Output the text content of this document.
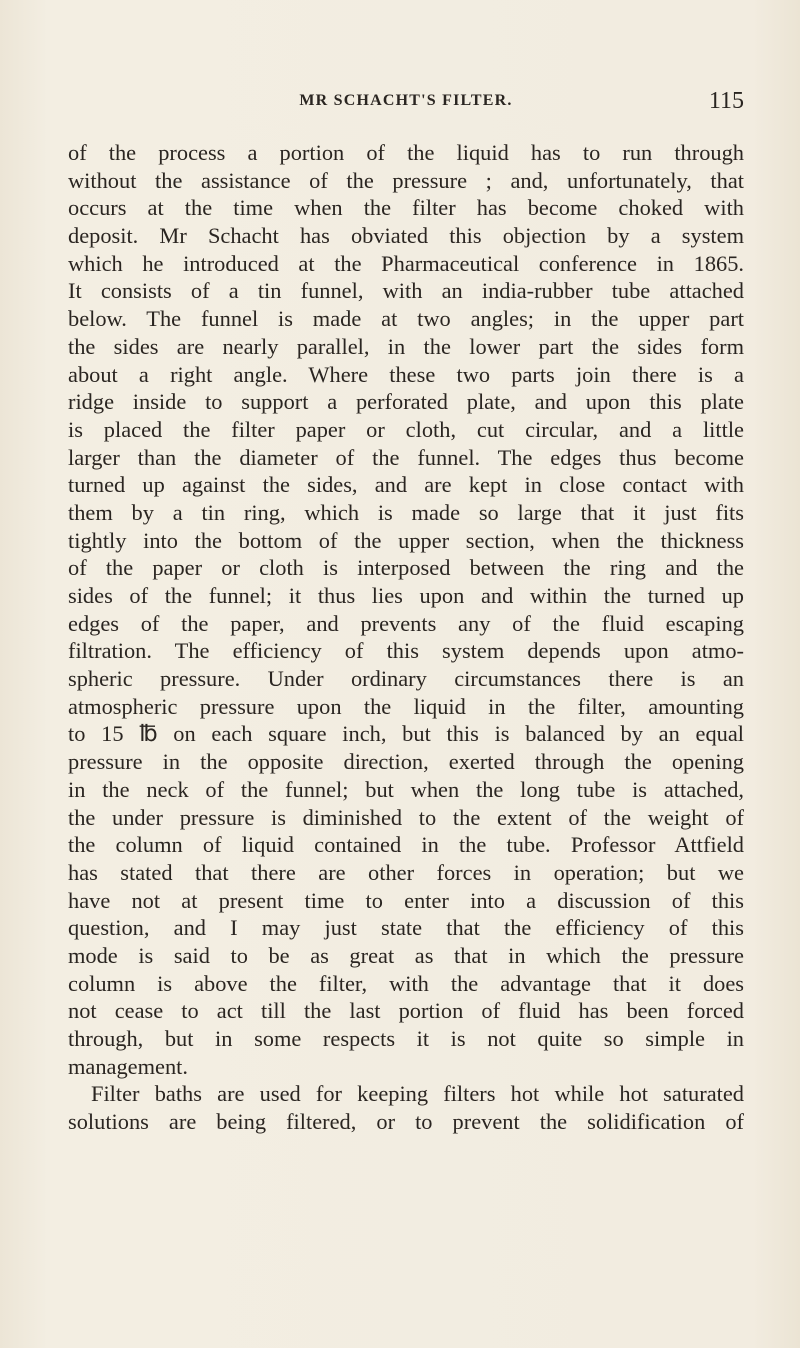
MR SCHACHT'S FILTER.	115
of the process a portion of the liquid has to run through
without the assistance of the pressure ; and, unfortunately, that
occurs at the time when the filter has become choked with
deposit. Mr Schacht has obviated this objection by a system
which he introduced at the Pharmaceutical conference in 1865.
It consists of a tin funnel, with an india-rubber tube attached
below. The funnel is made at two angles; in the upper part
the sides are nearly parallel, in the lower part the sides form
about a right angle. Where these two parts join there is a
ridge inside to support a perforated plate, and upon this plate
is placed the filter paper or cloth, cut circular, and a little
larger than the diameter of the funnel. The edges thus become
turned up against the sides, and are kept in close contact with
them by a tin ring, which is made so large that it just fits
tightly into the bottom of the upper section, when the thickness
of the paper or cloth is interposed between the ring and the
sides of the funnel; it thus lies upon and within the turned up
edges of the paper, and prevents any of the fluid escaping
filtration. The efficiency of this system depends upon atmo-
spheric pressure. Under ordinary circumstances there is an
atmospheric pressure upon the liquid in the filter, amounting
to 15 ℔ on each square inch, but this is balanced by an equal
pressure in the opposite direction, exerted through the opening
in the neck of the funnel; but when the long tube is attached,
the under pressure is diminished to the extent of the weight of
the column of liquid contained in the tube. Professor Attfield
has stated that there are other forces in operation; but we
have not at present time to enter into a discussion of this
question, and I may just state that the efficiency of this
mode is said to be as great as that in which the pressure
column is above the filter, with the advantage that it does
not cease to act till the last portion of fluid has been forced
through, but in some respects it is not quite so simple in
management.
Filter baths are used for keeping filters hot while hot saturated
solutions are being filtered, or to prevent the solidification of
